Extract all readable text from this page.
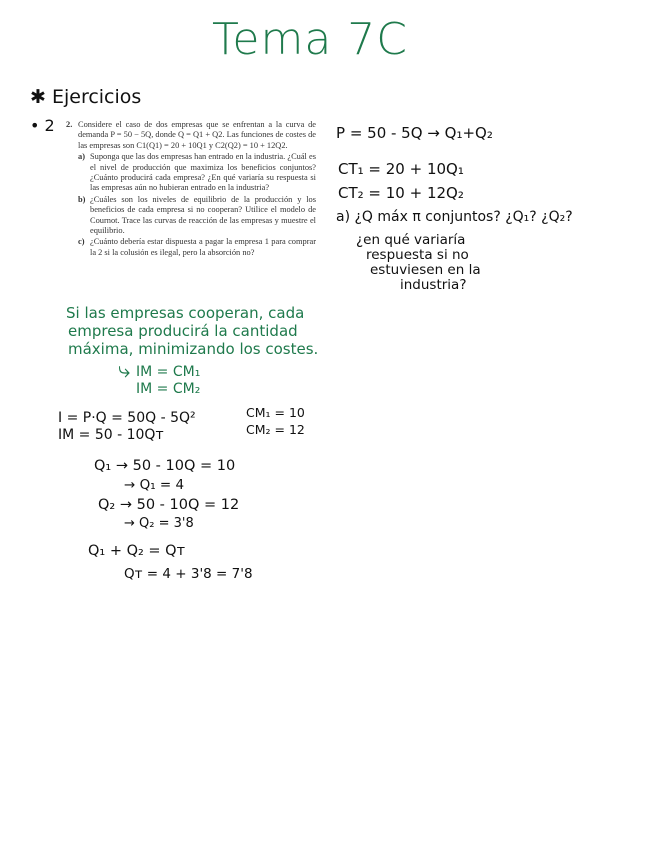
Tema 7C
✱ Ejercicios
• 2 2. Considere el caso de dos empresas que se enfrentan a la curva de demanda P = 50 − 5Q, donde Q = Q1 + Q2. Las funciones de costes de las empresas son C1(Q1) = 20 + 10Q1 y C2(Q2) = 10 + 12Q2.
a) Suponga que las dos empresas han entrado en la industria. ¿Cuál es el nivel de producción que maximiza los beneficios conjuntos? ¿Cuánto producirá cada empresa? ¿En qué variaría su respuesta si las empresas aún no hubieran entrado en la industria?
b) ¿Cuáles son los niveles de equilibrio de la producción y los beneficios de cada empresa si no cooperan? Utilice el modelo de Cournot. Trace las curvas de reacción de las empresas y muestre el equilibrio.
c) ¿Cuánto debería estar dispuesta a pagar la empresa 1 para comprar la 2 si la colusión es ilegal, pero la absorción no?
P = 50 - 5Q → Q₁+Q₂
CT₁ = 20 + 10Q₁
CT₂ = 10 + 12Q₂
a) ¿Q máx π conjuntos? ¿Q₁? ¿Q₂?
¿en qué variaría
respuesta si no
estuviesen en la
industria?
Si las empresas cooperan, cada
empresa producirá la cantidad
máxima, minimizando los costes.
⤷ IM = CM₁
IM = CM₂
I = P·Q = 50Q - 5Q²
IM = 50 - 10Qᴛ
CM₁ = 10
CM₂ = 12
Q₁ → 50 - 10Q = 10
→ Q₁ = 4
Q₂ → 50 - 10Q = 12
→ Q₂ = 3'8
Q₁ + Q₂ = Qᴛ
Qᴛ = 4 + 3'8 = 7'8
